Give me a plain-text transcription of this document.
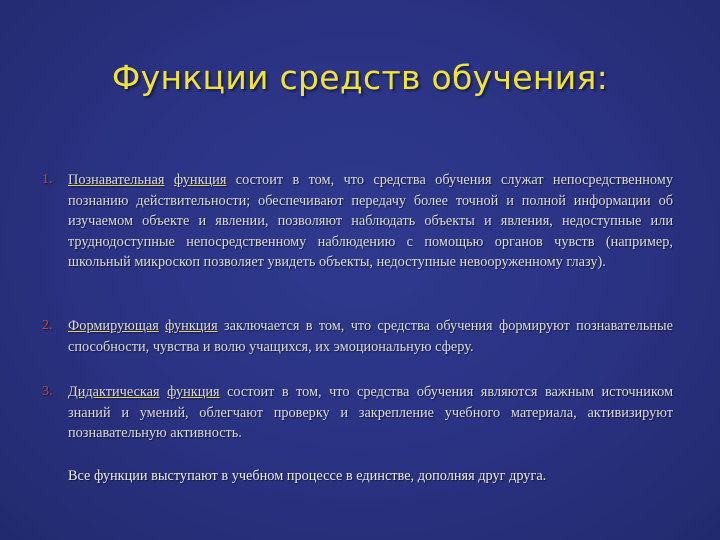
Функции средств обучения:
1. Познавательная функция состоит в том, что средства обучения служат непосредственному познанию действительности; обеспечивают передачу более точной и полной информации об изучаемом объекте и явлении, позволяют наблюдать объекты и явления, недоступные или труднодоступные непосредственному наблюдению с помощью органов чувств (например, школьный микроскоп позволяет увидеть объекты, недоступные невооруженному глазу).
2. Формирующая функция заключается в том, что средства обучения формируют познавательные способности, чувства и волю учащихся, их эмоциональную сферу.
3. Дидактическая функция состоит в том, что средства обучения являются важным источником знаний и умений, облегчают проверку и закрепление учебного материала, активизируют познавательную активность.
Все функции выступают в учебном процессе в единстве, дополняя друг друга.
